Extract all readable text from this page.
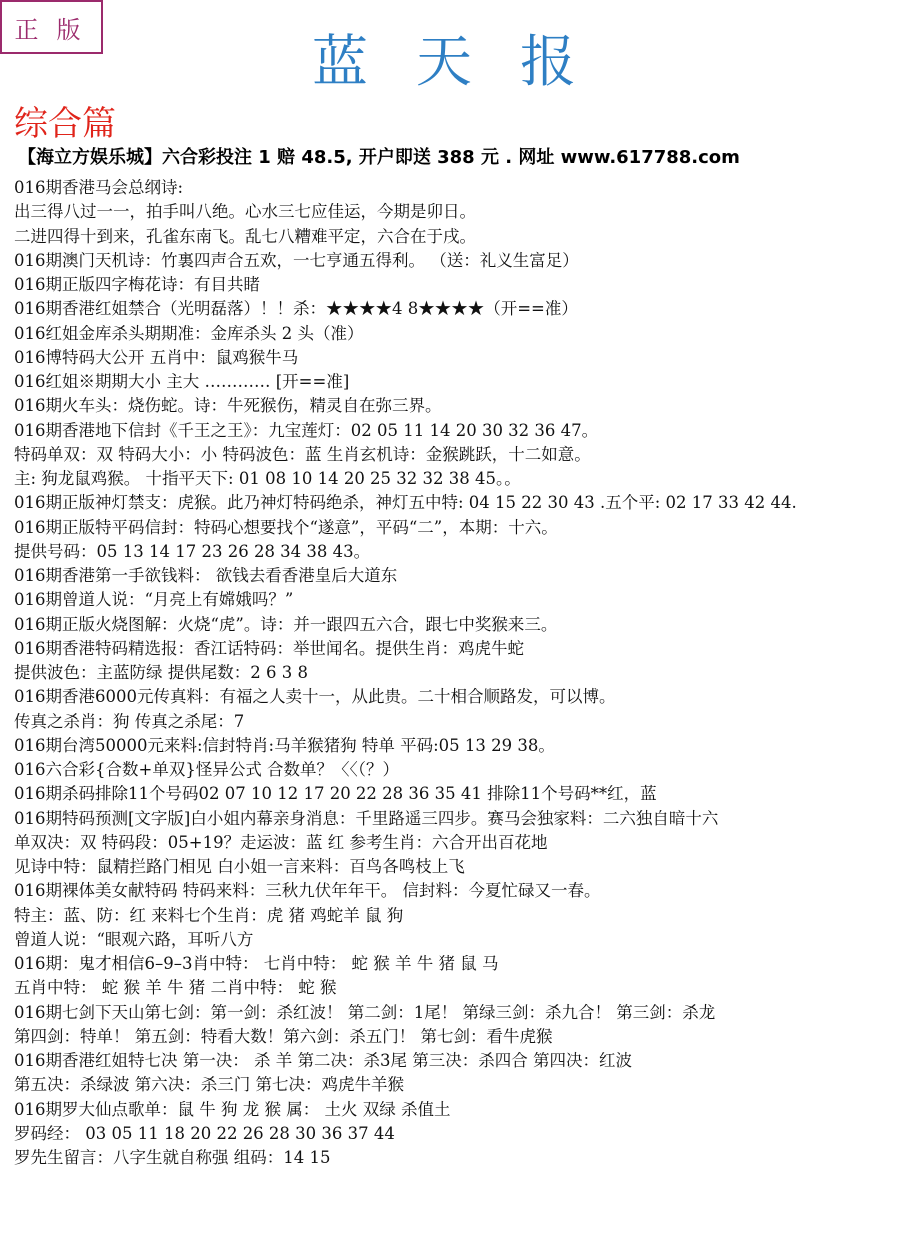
正版
蓝天报
综合篇
【海立方娱乐城】六合彩投注 1 赔 48.5, 开户即送 388 元 . 网址 www.617788.com
016期香港马会总纲诗:
出三得八过一一，拍手叫八绝。心水三七应佳运，今期是卯日。
二进四得十到来，孔雀东南飞。乱七八糟难平定，六合在于戌。
016期澳门天机诗：竹裏四声合五欢，一七亨通五得利。 （送：礼义生富足）
016期正版四字梅花诗：有目共睹
016期香港红姐禁合（光明磊落）！！杀：★★★★4 8★★★★（开==准）
016红姐金库杀头期期准：金库杀头 2 头（准）
016博特码大公开 五肖中：鼠鸡猴牛马
016红姐※期期大小 主大 ………… [开==准]
016期火车头：烧伤蛇。诗：牛死猴伤，精灵自在弥三界。
016期香港地下信封《千王之王》：九宝莲灯：02 05 11 14 20 30 32 36 47。
特码单双：双 特码大小：小 特码波色：蓝 生肖玄机诗：金猴跳跃，十二如意。
主: 狗龙鼠鸡猴。 十指平天下: 01 08 10 14 20 25 32 32 38 45。。
016期正版神灯禁支：虎猴。此乃神灯特码绝杀，神灯五中特: 04 15 22 30 43 .五个平: 02 17 33 42 44.
016期正版特平码信封：特码心想要找个“遂意”，平码“二”，本期：十六。
提供号码：05 13 14 17 23 26 28 34 38 43。
016期香港第一手欲钱料： 欲钱去看香港皇后大道东
016期曾道人说：“月亮上有嫦娥吗？”
016期正版火烧图解：火烧“虎”。诗：并一跟四五六合，跟七中奖猴来三。
016期香港特码精选报：香江话特码：举世闻名。提供生肖：鸡虎牛蛇
提供波色：主蓝防绿 提供尾数：2 6 3 8
016期香港6000元传真料：有福之人卖十一，从此贵。二十相合顺路发，可以博。
传真之杀肖：狗 传真之杀尾：7
016期台湾50000元来料:信封特肖:马羊猴猪狗 特单 平码:05 13 29 38。
016六合彩{合数+单双}怪异公式 合数单？〈〈（？）
016期杀码排除11个号码02 07 10 12 17 20 22 28 36 35 41 排除11个号码**红，蓝
016期特码预测[文字版]白小姐内幕亲身消息：千里路遥三四步。赛马会独家料：二六独自暗十六
单双决：双 特码段：05+19？走运波：蓝 红 参考生肖：六合开出百花地
见诗中特：鼠精拦路门相见 白小姐一言来料：百鸟各鸣枝上飞
016期裸体美女献特码 特码来料：三秋九伏年年干。 信封料：今夏忙碌又一春。
特主：蓝、防：红 来料七个生肖：虎 猪 鸡蛇羊 鼠 狗
曾道人说：“眼观六路，耳听八方
016期：鬼才相信6–9–3肖中特： 七肖中特： 蛇 猴 羊 牛 猪 鼠 马
五肖中特： 蛇 猴 羊 牛 猪 二肖中特： 蛇 猴
016期七剑下天山第七剑：第一剑：杀红波！ 第二剑：1尾！ 第绿三剑：杀九合！ 第三剑：杀龙
第四剑：特单！ 第五剑：特看大数！第六剑：杀五门！ 第七剑：看牛虎猴
016期香港红姐特七决 第一决： 杀 羊 第二决：杀3尾 第三决：杀四合 第四决：红波
第五决：杀绿波 第六决：杀三门 第七决：鸡虎牛羊猴
016期罗大仙点歌单：鼠 牛 狗 龙 猴 属： 土火 双绿 杀值土
罗码经： 03 05 11 18 20 22 26 28 30 36 37 44
罗先生留言：八字生就自称强 组码：14 15
